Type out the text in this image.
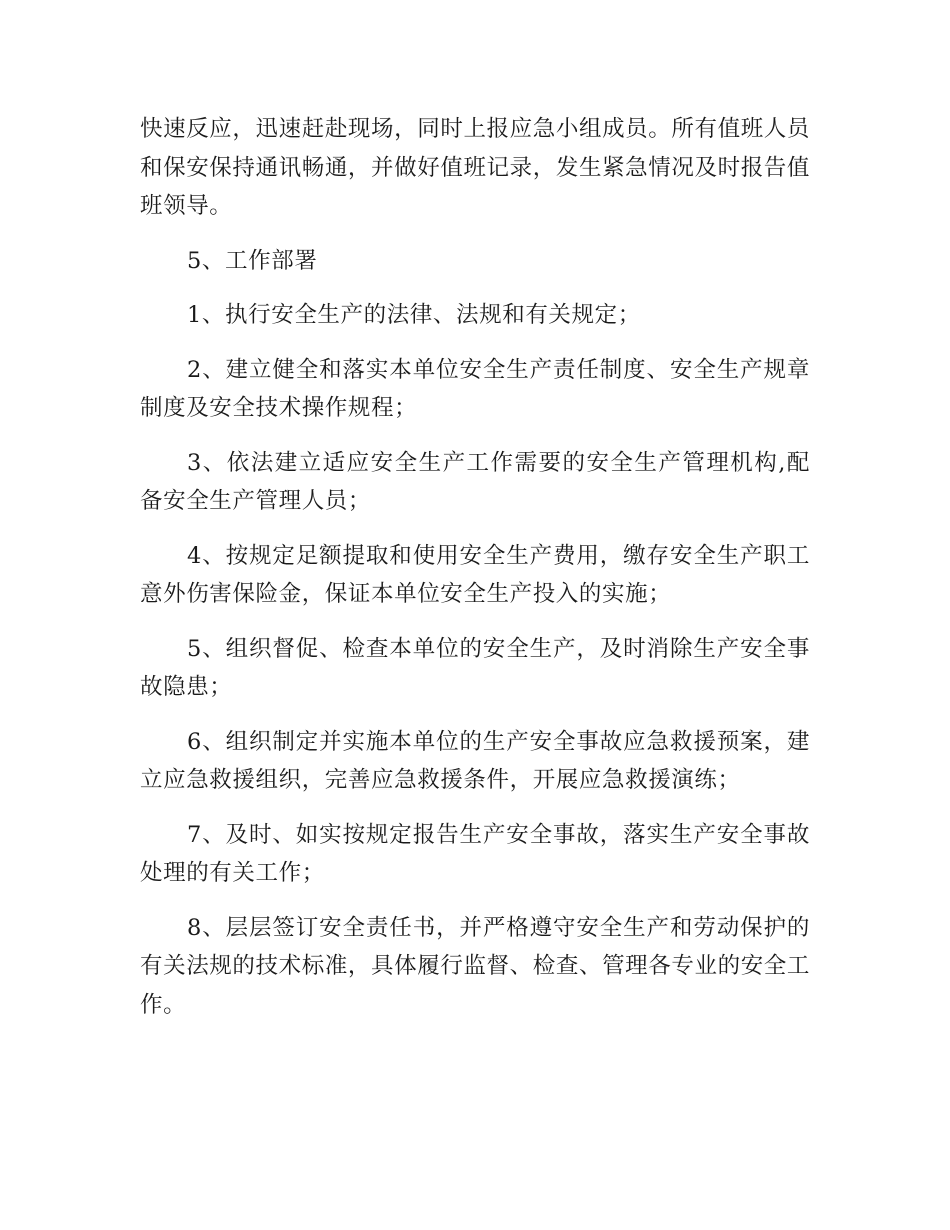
快速反应，迅速赶赴现场，同时上报应急小组成员。所有值班人员和保安保持通讯畅通，并做好值班记录，发生紧急情况及时报告值班领导。

5、工作部署

1、执行安全生产的法律、法规和有关规定；

2、建立健全和落实本单位安全生产责任制度、安全生产规章制度及安全技术操作规程；

3、依法建立适应安全生产工作需要的安全生产管理机构,配备安全生产管理人员；

4、按规定足额提取和使用安全生产费用，缴存安全生产职工意外伤害保险金，保证本单位安全生产投入的实施；

5、组织督促、检查本单位的安全生产，及时消除生产安全事故隐患；

6、组织制定并实施本单位的生产安全事故应急救援预案，建立应急救援组织，完善应急救援条件，开展应急救援演练；

7、及时、如实按规定报告生产安全事故，落实生产安全事故处理的有关工作；

8、层层签订安全责任书，并严格遵守安全生产和劳动保护的有关法规的技术标准，具体履行监督、检查、管理各专业的安全工作。
